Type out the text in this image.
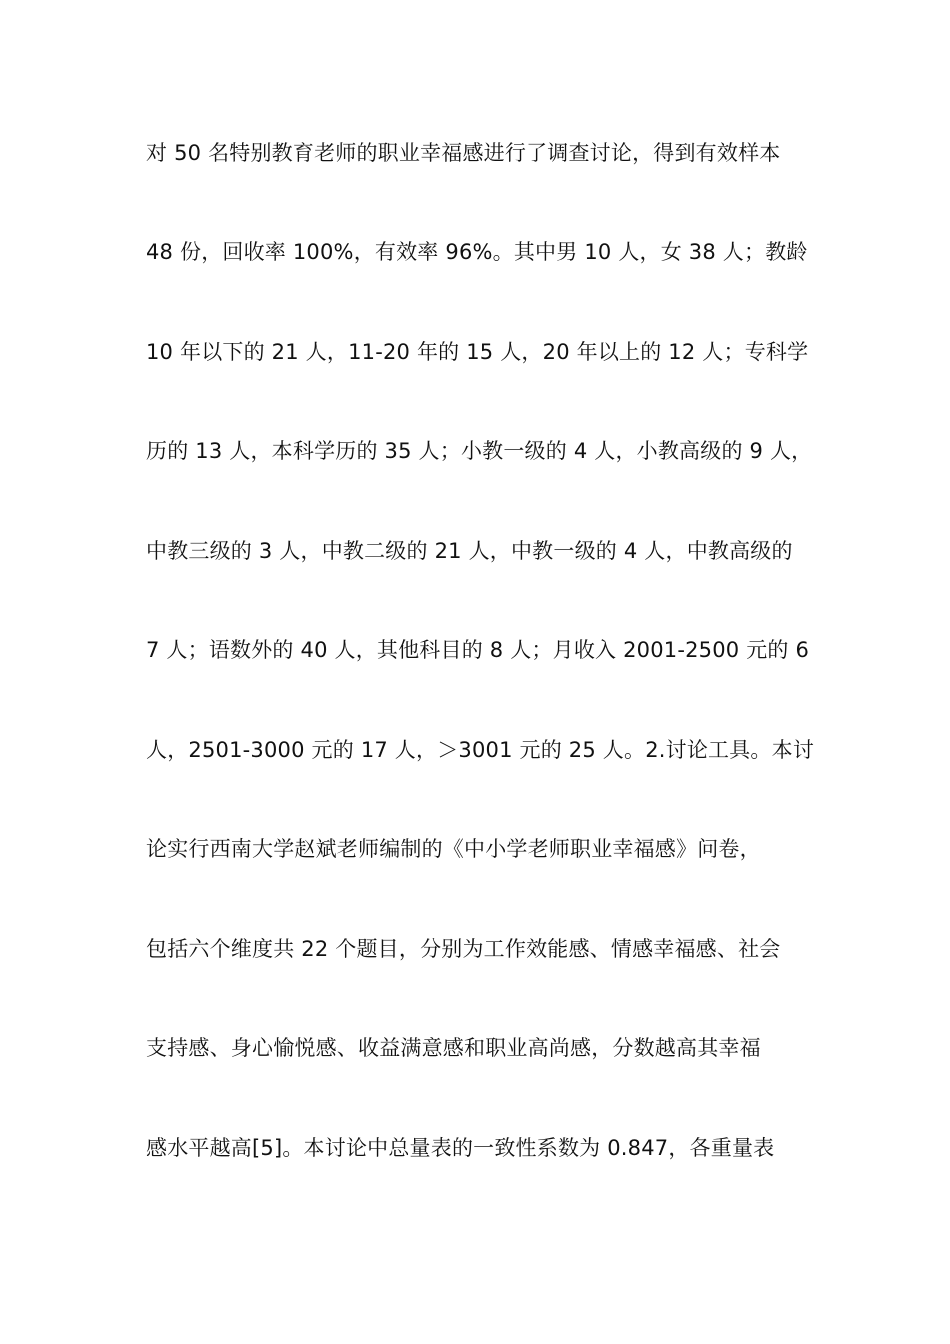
对 50 名特别教育老师的职业幸福感进行了调查讨论，得到有效样本
48 份，回收率 100%，有效率 96%。其中男 10 人，女 38 人；教龄
10 年以下的 21 人，11-20 年的 15 人，20 年以上的 12 人；专科学
历的 13 人，本科学历的 35 人；小教一级的 4 人，小教高级的 9 人，
中教三级的 3 人，中教二级的 21 人，中教一级的 4 人，中教高级的
7 人；语数外的 40 人，其他科目的 8 人；月收入 2001-2500 元的 6
人，2501-3000 元的 17 人，＞3001 元的 25 人。2.讨论工具。本讨
论实行西南大学赵斌老师编制的《中小学老师职业幸福感》问卷，
包括六个维度共 22 个题目，分别为工作效能感、情感幸福感、社会
支持感、身心愉悦感、收益满意感和职业高尚感，分数越高其幸福
感水平越高[5]。本讨论中总量表的一致性系数为 0.847，各重量表
